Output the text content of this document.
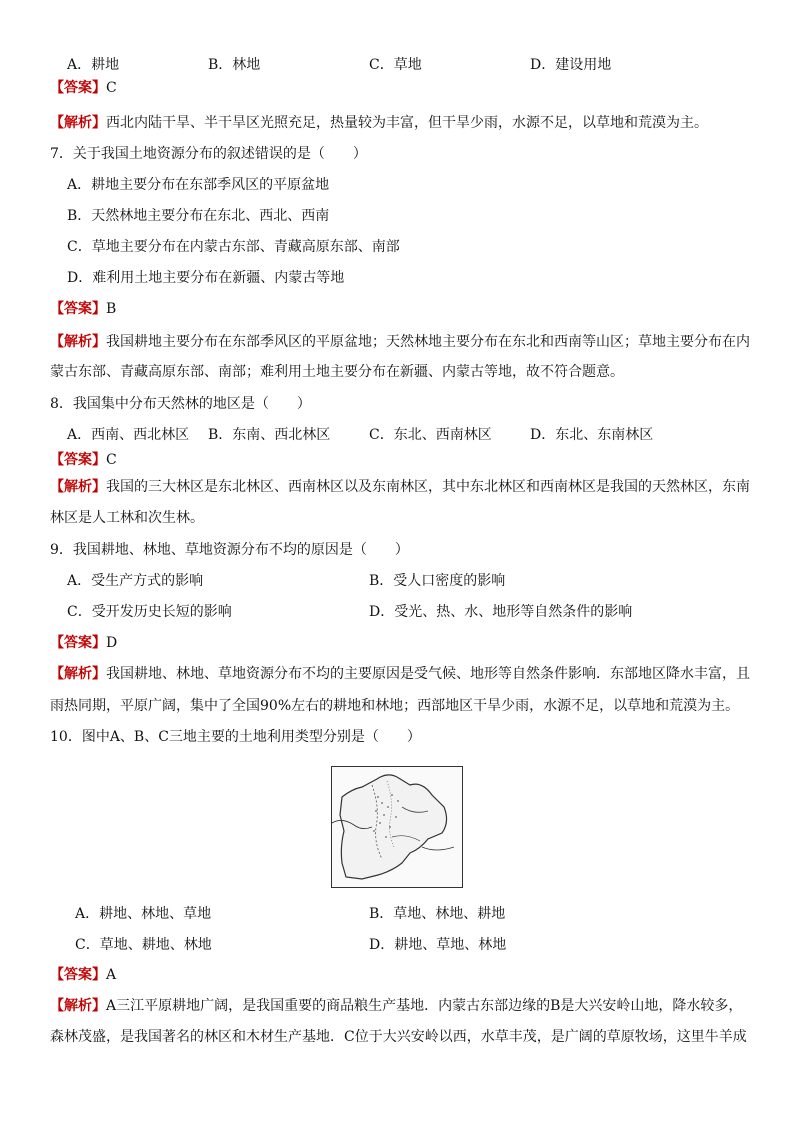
A．耕地	B．林地	C．草地	D．建设用地
【答案】C
【解析】西北内陆干旱、半干旱区光照充足，热量较为丰富，但干旱少雨，水源不足，以草地和荒漠为主。
7．关于我国土地资源分布的叙述错误的是（　　）
A．耕地主要分布在东部季风区的平原盆地
B．天然林地主要分布在东北、西北、西南
C．草地主要分布在内蒙古东部、青藏高原东部、南部
D．难利用土地主要分布在新疆、内蒙古等地
【答案】B
【解析】我国耕地主要分布在东部季风区的平原盆地；天然林地主要分布在东北和西南等山区；草地主要分布在内
蒙古东部、青藏高原东部、南部；难利用土地主要分布在新疆、内蒙古等地，故不符合题意。
8．我国集中分布天然林的地区是（　　）
A．西南、西北林区 B．东南、西北林区	C．东北、西南林区	D．东北、东南林区
【答案】C
【解析】我国的三大林区是东北林区、西南林区以及东南林区，其中东北林区和西南林区是我国的天然林区，东南
林区是人工林和次生林。
9．我国耕地、林地、草地资源分布不均的原因是（　　）
A．受生产方式的影响	B．受人口密度的影响
C．受开发历史长短的影响	D．受光、热、水、地形等自然条件的影响
【答案】D
【解析】我国耕地、林地、草地资源分布不均的主要原因是受气候、地形等自然条件影响．东部地区降水丰富，且
雨热同期，平原广阔，集中了全国90%左右的耕地和林地；西部地区干旱少雨，水源不足，以草地和荒漠为主。
10．图中A、B、C三地主要的土地利用类型分别是（　　）
A．耕地、林地、草地	B．草地、林地、耕地
C．草地、耕地、林地	D．耕地、草地、林地
【答案】A
【解析】A三江平原耕地广阔，是我国重要的商品粮生产基地．内蒙古东部边缘的B是大兴安岭山地，降水较多，
森林茂盛，是我国著名的林区和木材生产基地．C位于大兴安岭以西，水草丰茂，是广阔的草原牧场，这里牛羊成
